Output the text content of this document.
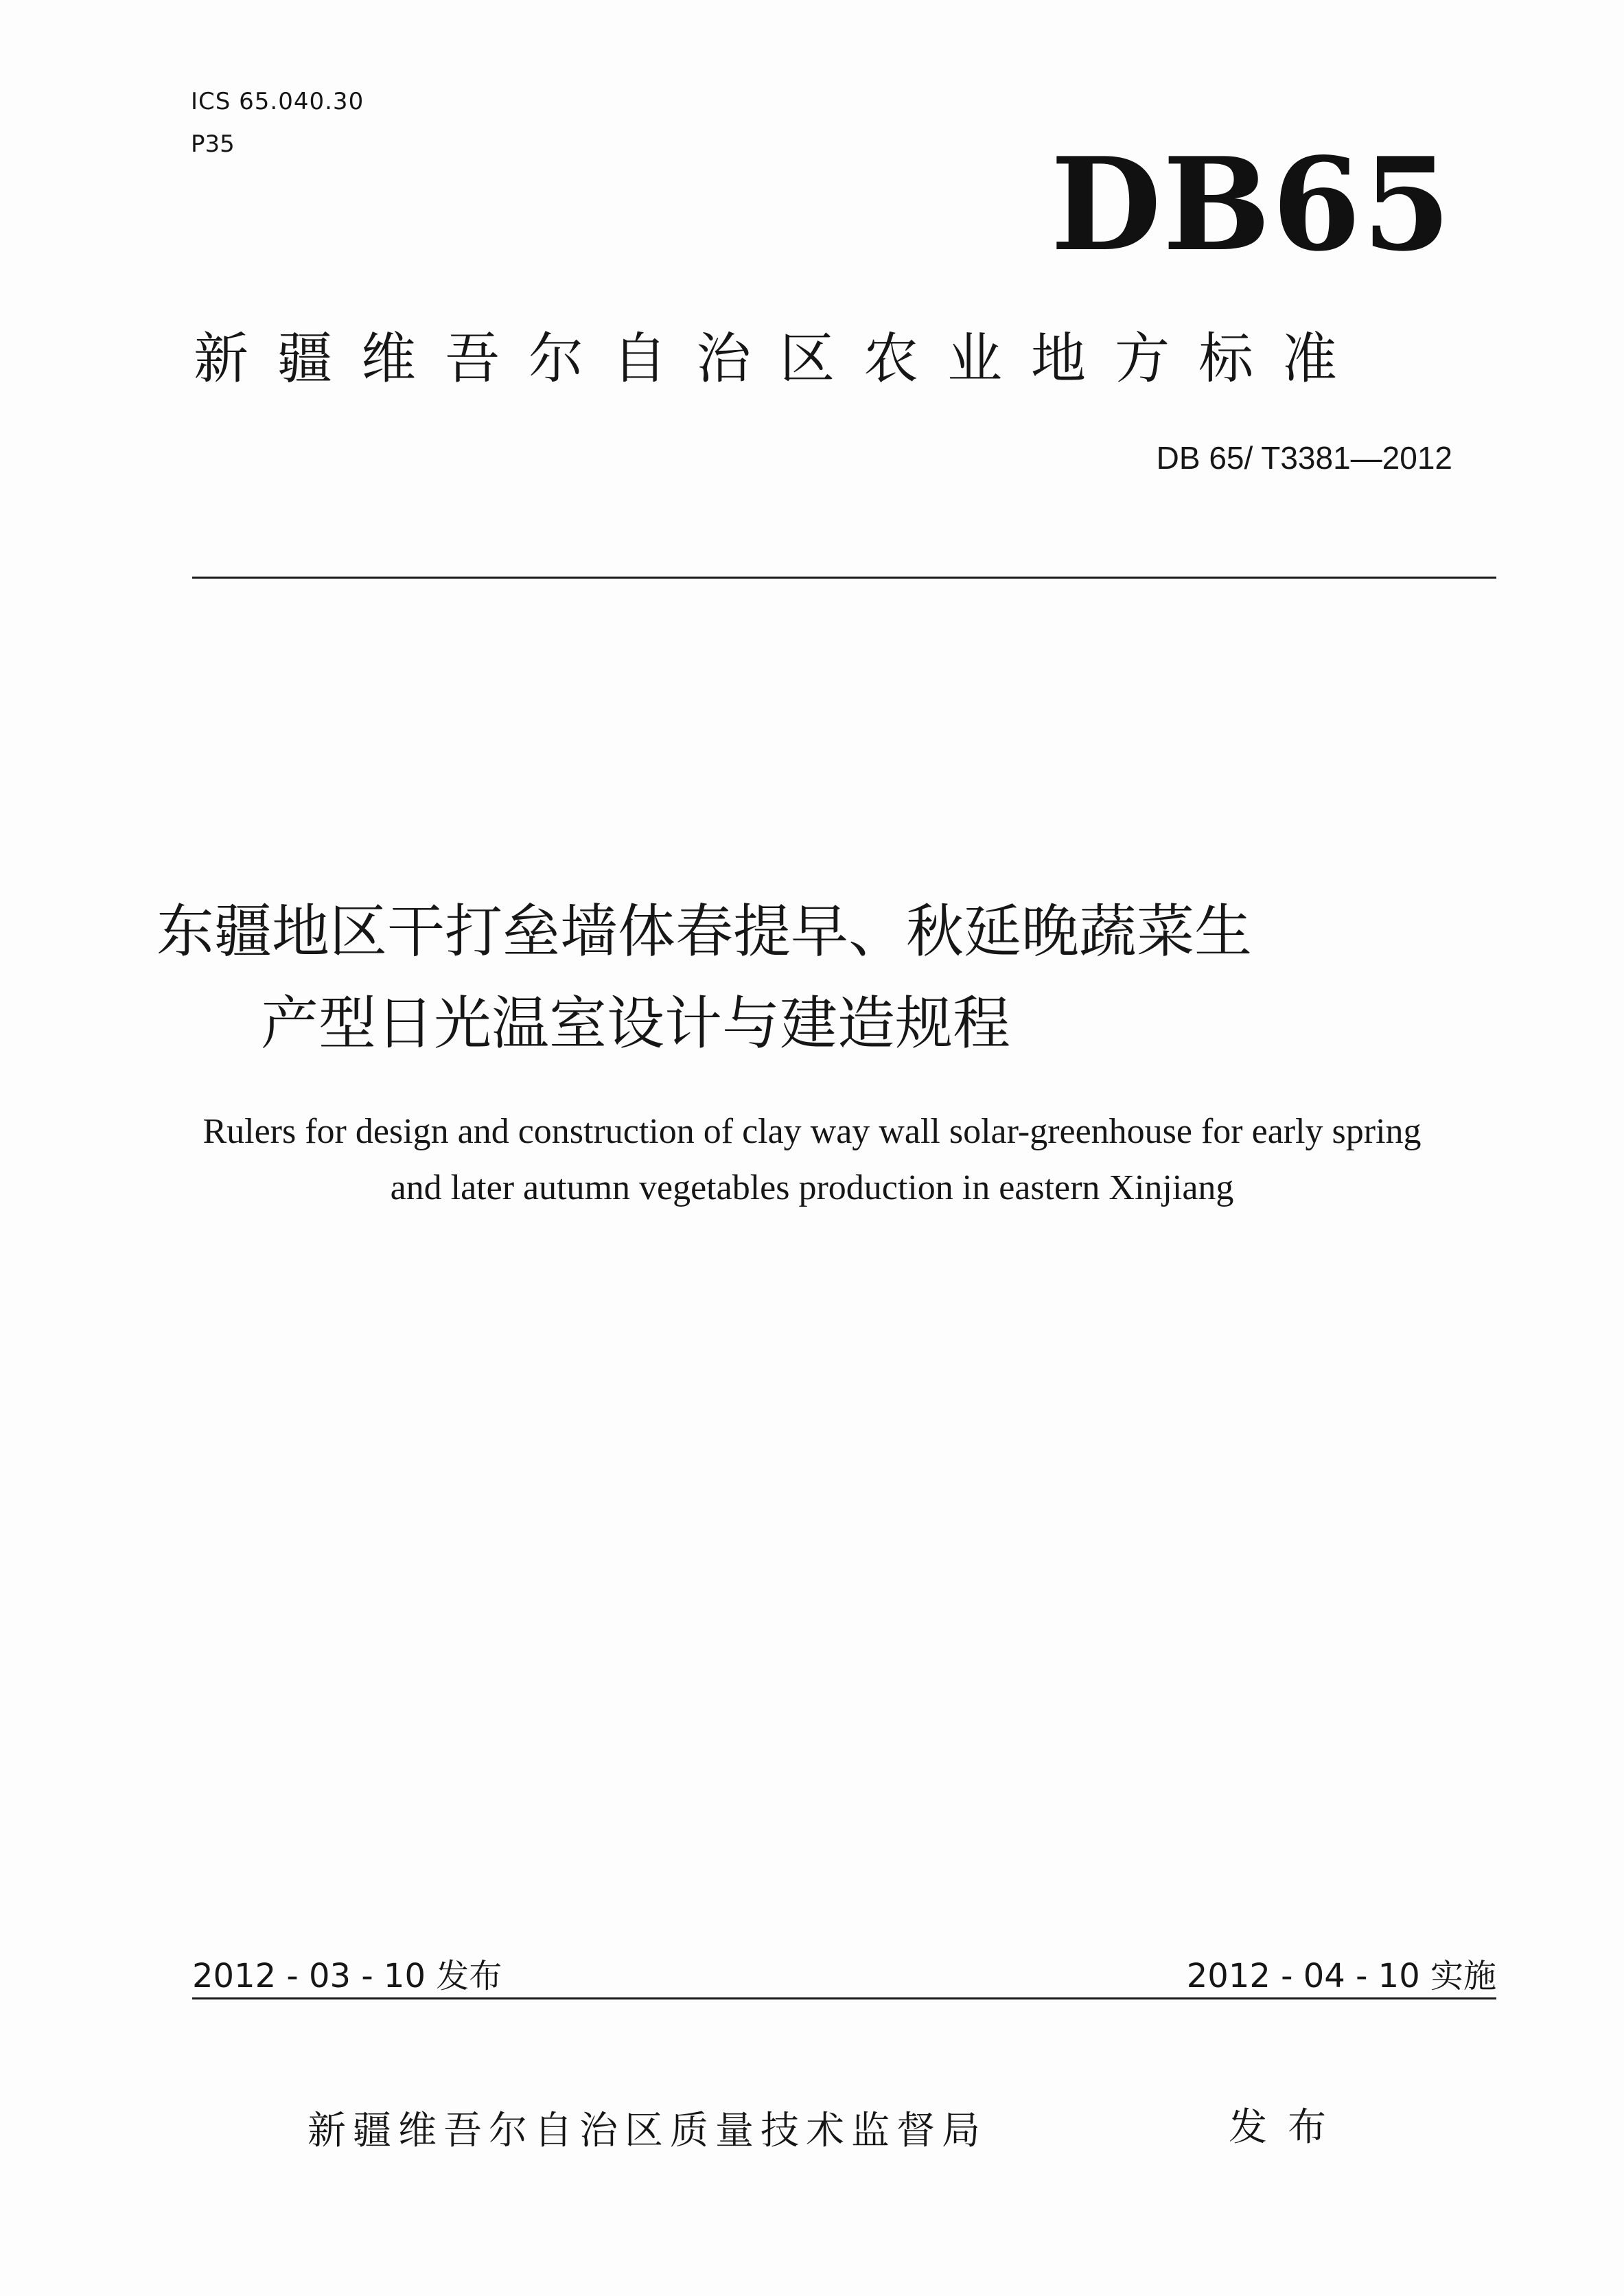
ICS 65.040.30
P35	DB65
新疆维吾尔自治区农业地方标准
DB 65/ T3381—2012
东疆地区干打垒墙体春提早、秋延晚蔬菜生
产型日光温室设计与建造规程
Rulers for design and construction of clay way wall solar-greenhouse for early spring
and later autumn vegetables production in eastern Xinjiang
2012 - 03 - 10 发布	2012 - 04 - 10 实施
新疆维吾尔自治区质量技术监督局	发布
